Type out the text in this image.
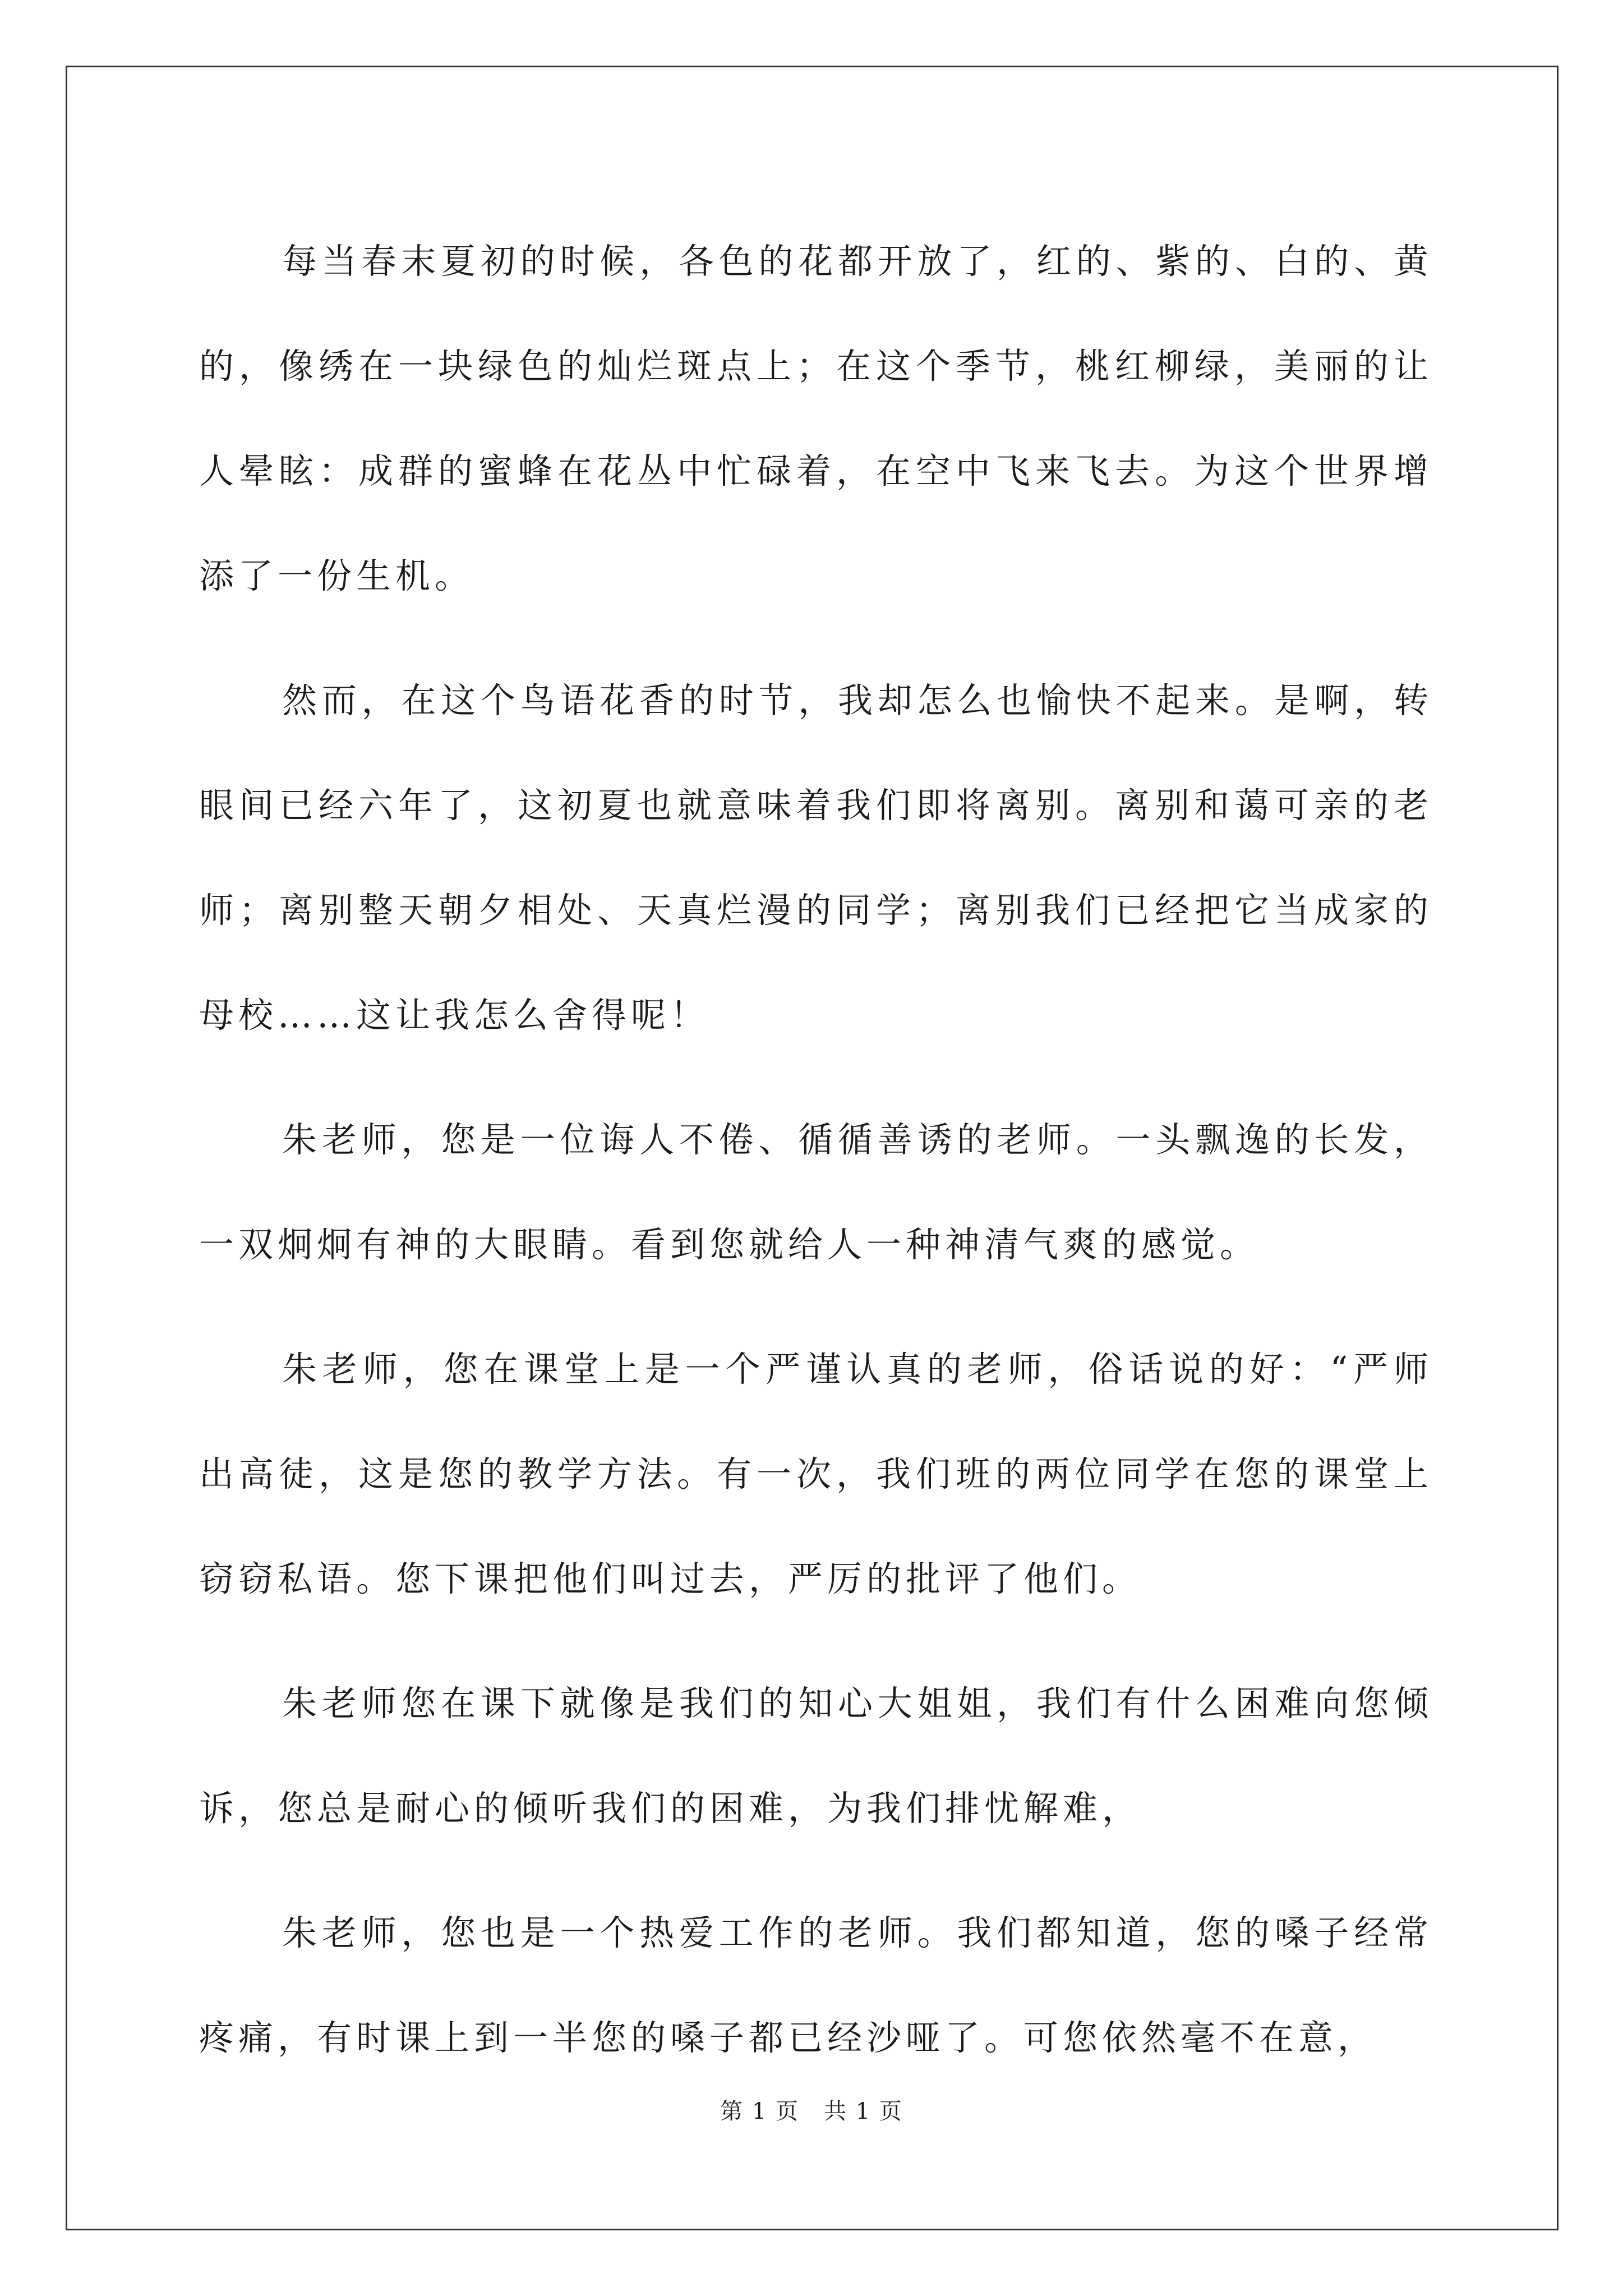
每当春末夏初的时候，各色的花都开放了，红的、紫的、白的、黄的，像绣在一块绿色的灿烂斑点上；在这个季节，桃红柳绿，美丽的让人晕眩：成群的蜜蜂在花丛中忙碌着，在空中飞来飞去。为这个世界增添了一份生机。

然而，在这个鸟语花香的时节，我却怎么也愉快不起来。是啊，转眼间已经六年了，这初夏也就意味着我们即将离别。离别和蔼可亲的老师；离别整天朝夕相处、天真烂漫的同学；离别我们已经把它当成家的母校……这让我怎么舍得呢！

朱老师，您是一位诲人不倦、循循善诱的老师。一头飘逸的长发，一双炯炯有神的大眼睛。看到您就给人一种神清气爽的感觉。

朱老师，您在课堂上是一个严谨认真的老师，俗话说的好：“严师出高徒，这是您的教学方法。有一次，我们班的两位同学在您的课堂上窃窃私语。您下课把他们叫过去，严厉的批评了他们。

朱老师您在课下就像是我们的知心大姐姐，我们有什么困难向您倾诉，您总是耐心的倾听我们的困难，为我们排忧解难，

朱老师，您也是一个热爱工作的老师。我们都知道，您的嗓子经常疼痛，有时课上到一半您的嗓子都已经沙哑了。可您依然毫不在意，

第 1 页 共 1 页
